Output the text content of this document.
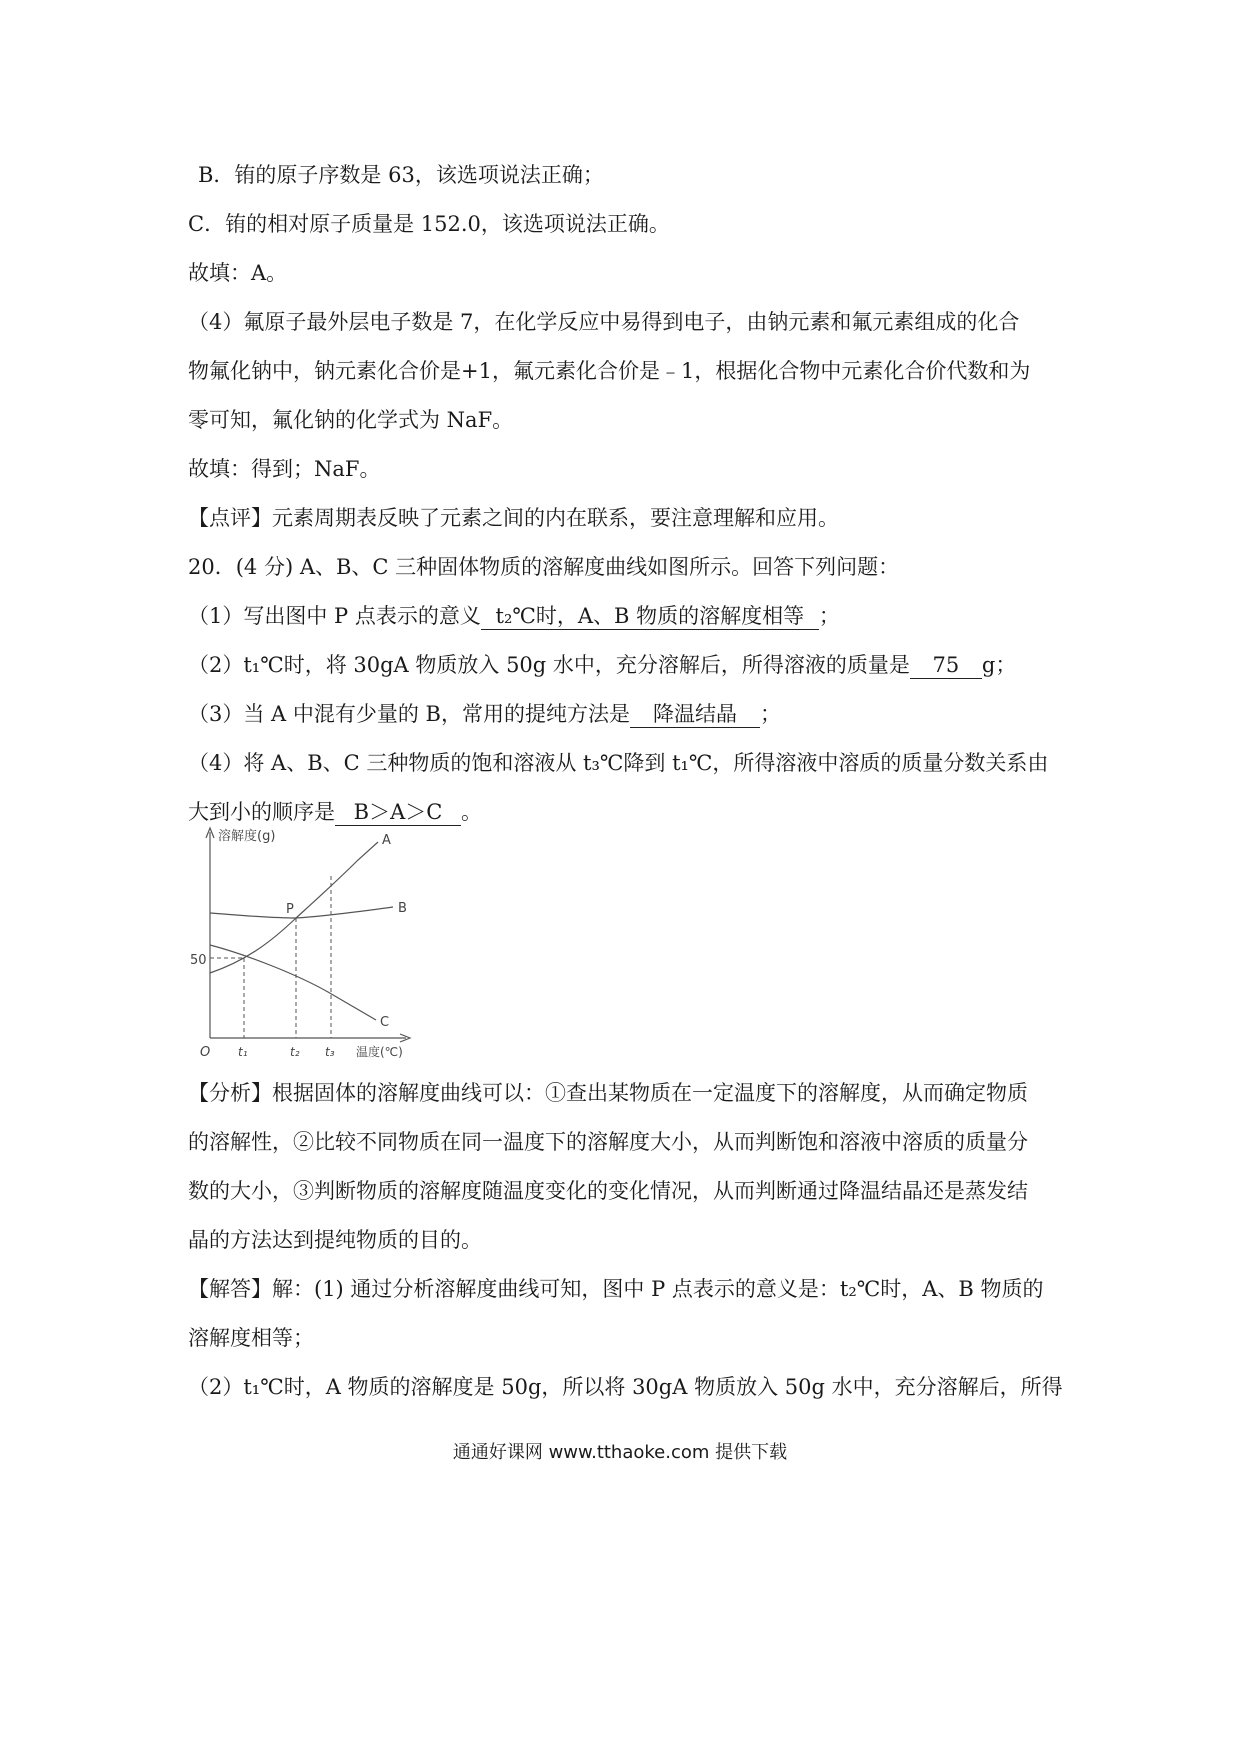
B．铕的原子序数是 63，该选项说法正确；
C．铕的相对原子质量是 152.0，该选项说法正确。
故填：A。
（4）氟原子最外层电子数是 7，在化学反应中易得到电子，由钠元素和氟元素组成的化合
物氟化钠中，钠元素化合价是+1，氟元素化合价是﹣1，根据化合物中元素化合价代数和为
零可知，氟化钠的化学式为 NaF。
故填：得到；NaF。
【点评】元素周期表反映了元素之间的内在联系，要注意理解和应用。
20．(4 分) A、B、C 三种固体物质的溶解度曲线如图所示。回答下列问题：
（1）写出图中 P 点表示的意义 t₂℃时，A、B 物质的溶解度相等 ；
（2）t₁℃时，将 30gA 物质放入 50g 水中，充分溶解后，所得溶液的质量是 75 g；
（3）当 A 中混有少量的 B，常用的提纯方法是 降温结晶 ；
（4）将 A、B、C 三种物质的饱和溶液从 t₃℃降到 t₁℃，所得溶液中溶质的质量分数关系由
大到小的顺序是 B＞A＞C 。
溶解度(g)
50
O t₁	t₂ t₃ 温度(℃)
P
A
B
C
【分析】根据固体的溶解度曲线可以：①查出某物质在一定温度下的溶解度，从而确定物质
的溶解性，②比较不同物质在同一温度下的溶解度大小，从而判断饱和溶液中溶质的质量分
数的大小，③判断物质的溶解度随温度变化的变化情况，从而判断通过降温结晶还是蒸发结
晶的方法达到提纯物质的目的。
【解答】解：(1) 通过分析溶解度曲线可知，图中 P 点表示的意义是：t₂℃时，A、B 物质的
溶解度相等；
（2）t₁℃时，A 物质的溶解度是 50g，所以将 30gA 物质放入 50g 水中，充分溶解后，所得
通通好课网 www.tthaoke.com 提供下载
